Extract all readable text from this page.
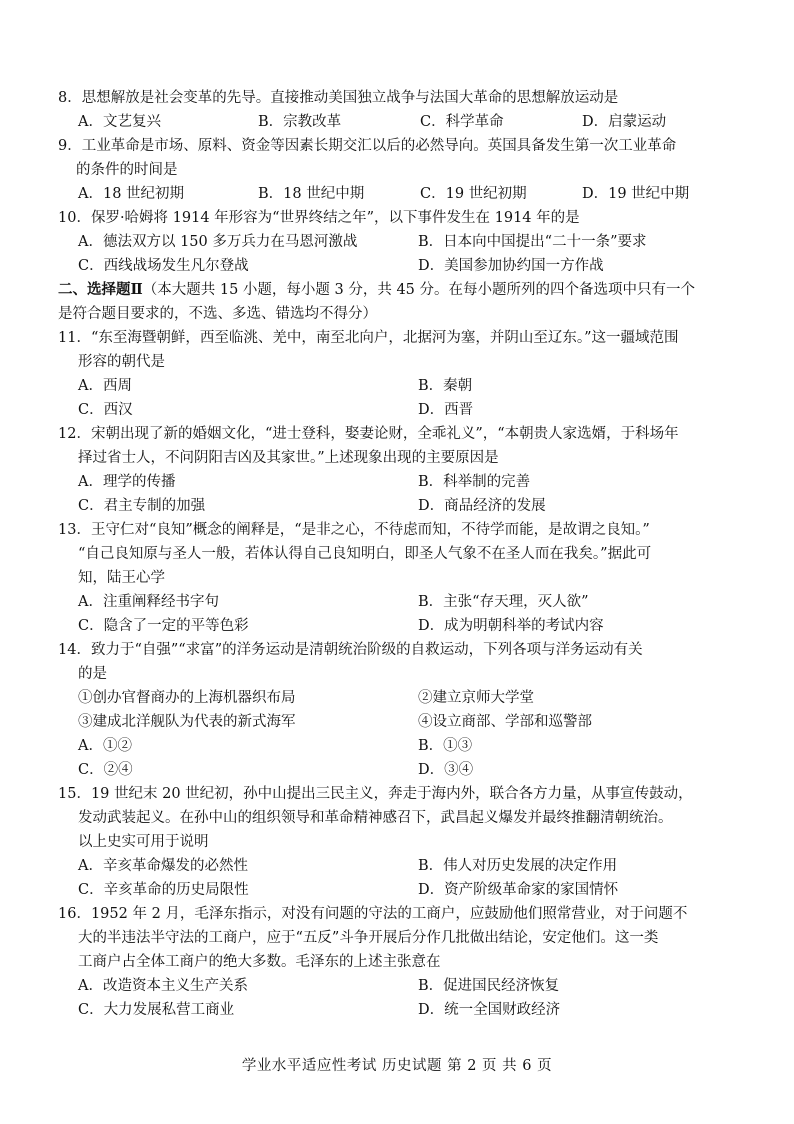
8．思想解放是社会变革的先导。直接推动美国独立战争与法国大革命的思想解放运动是
A．文艺复兴	B．宗教改革	C．科学革命	D．启蒙运动
9．工业革命是市场、原料、资金等因素长期交汇以后的必然导向。英国具备发生第一次工业革命
的条件的时间是
A．18 世纪初期	B．18 世纪中期	C．19 世纪初期	D．19 世纪中期
10．保罗·哈姆将 1914 年形容为“世界终结之年”，以下事件发生在 1914 年的是
A．德法双方以 150 多万兵力在马恩河激战	B．日本向中国提出“二十一条”要求
C．西线战场发生凡尔登战	D．美国参加协约国一方作战
二、选择题Ⅱ（本大题共 15 小题，每小题 3 分，共 45 分。在每小题所列的四个备选项中只有一个
是符合题目要求的，不选、多选、错选均不得分）
11．“东至海暨朝鲜，西至临洮、羌中，南至北向户，北据河为塞，并阴山至辽东。”这一疆域范围
形容的朝代是
A．西周	B．秦朝
C．西汉	D．西晋
12．宋朝出现了新的婚姻文化，“进士登科，娶妻论财，全乖礼义”，“本朝贵人家选婿，于科场年
择过省士人，不问阴阳吉凶及其家世。”上述现象出现的主要原因是
A．理学的传播	B．科举制的完善
C．君主专制的加强	D．商品经济的发展
13．王守仁对“良知”概念的阐释是，“是非之心，不待虑而知，不待学而能，是故谓之良知。”
“自己良知原与圣人一般，若体认得自己良知明白，即圣人气象不在圣人而在我矣。”据此可
知，陆王心学
A．注重阐释经书字句	B．主张“存天理，灭人欲”
C．隐含了一定的平等色彩	D．成为明朝科举的考试内容
14．致力于“自强”“求富”的洋务运动是清朝统治阶级的自救运动，下列各项与洋务运动有关
的是
①创办官督商办的上海机器织布局	②建立京师大学堂
③建成北洋舰队为代表的新式海军	④设立商部、学部和巡警部
A．①②	B．①③
C．②④	D．③④
15．19 世纪末 20 世纪初，孙中山提出三民主义，奔走于海内外，联合各方力量，从事宣传鼓动，
发动武装起义。在孙中山的组织领导和革命精神感召下，武昌起义爆发并最终推翻清朝统治。
以上史实可用于说明
A．辛亥革命爆发的必然性	B．伟人对历史发展的决定作用
C．辛亥革命的历史局限性	D．资产阶级革命家的家国情怀
16．1952 年 2 月，毛泽东指示，对没有问题的守法的工商户，应鼓励他们照常营业，对于问题不
大的半违法半守法的工商户，应于“五反”斗争开展后分作几批做出结论，安定他们。这一类
工商户占全体工商户的绝大多数。毛泽东的上述主张意在
A．改造资本主义生产关系	B．促进国民经济恢复
C．大力发展私营工商业	D．统一全国财政经济
学业水平适应性考试 历史试题 第 2 页 共 6 页
